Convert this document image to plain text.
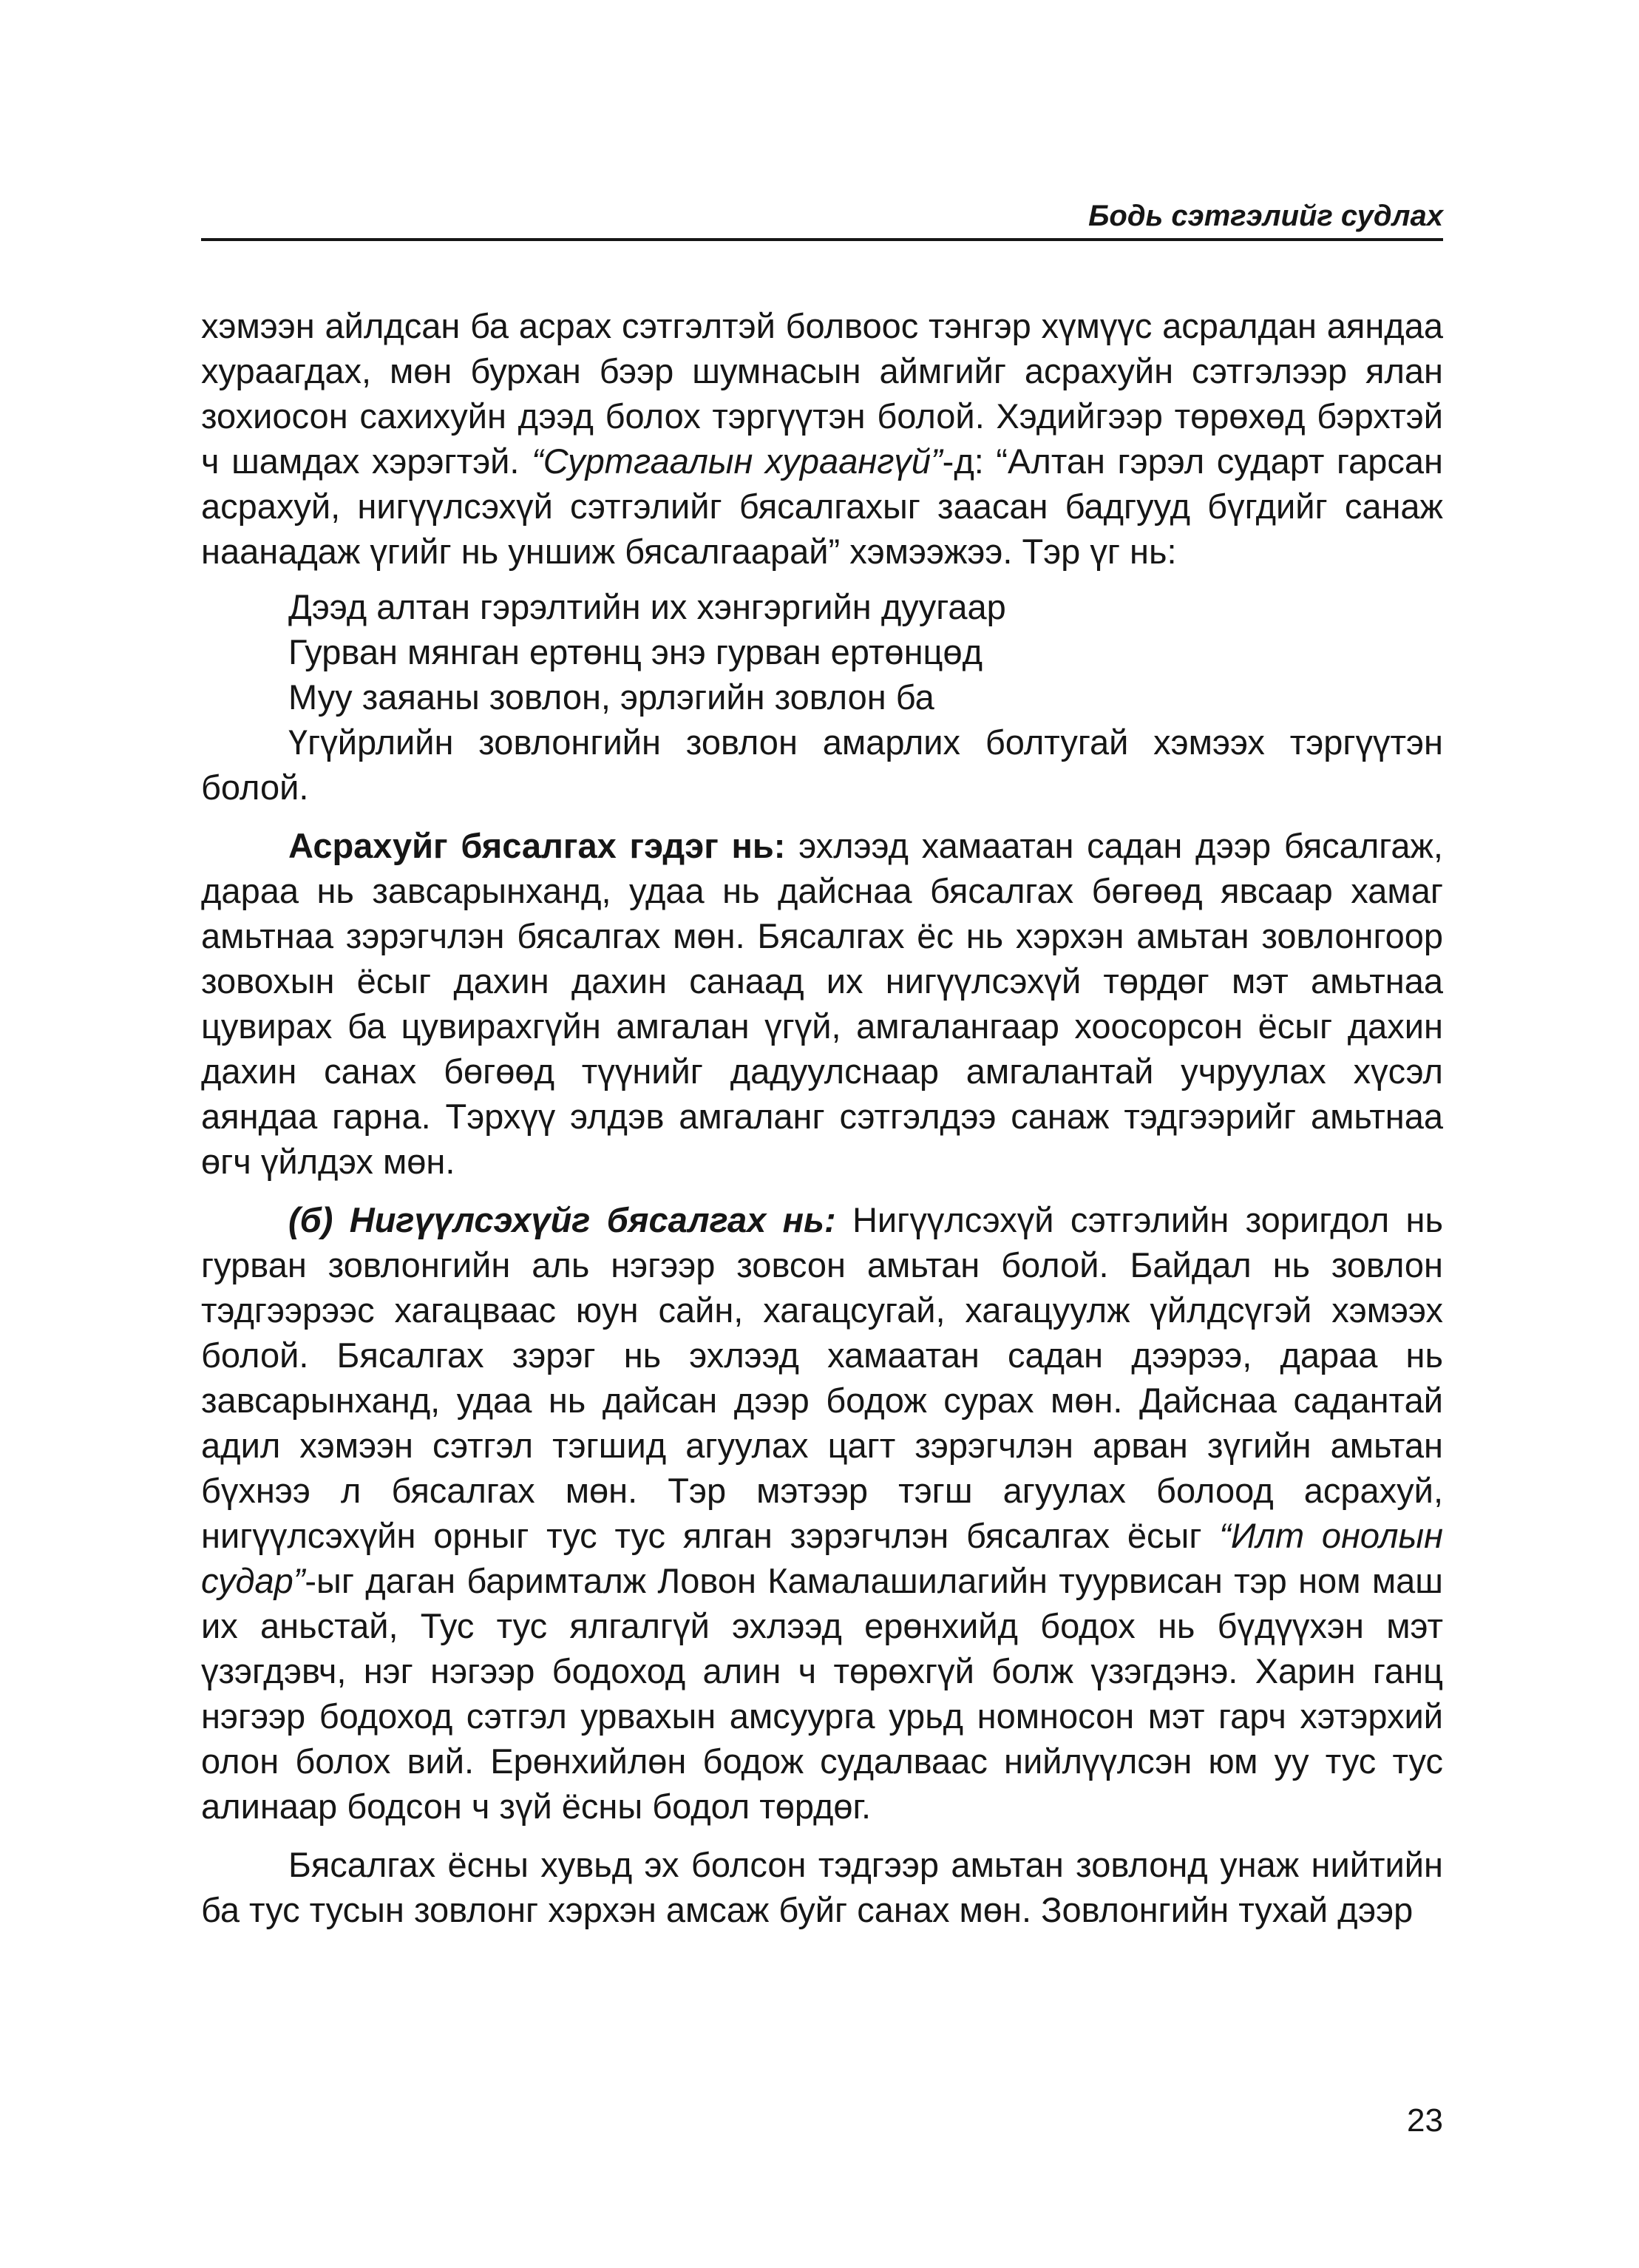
Бодь сэтгэлийг судлах

хэмээн айлдсан ба асрах сэтгэлтэй болвоос тэнгэр хүмүүс асралдан аяндаа хураагдах, мөн бурхан бээр шумнасын аймгийг асрахуйн сэтгэлээр ялан зохиосон сахихуйн дээд болох тэргүүтэн болой. Хэдийгээр төрөхөд бэрхтэй ч шамдах хэрэгтэй. “Суртгаалын хураангүй”-д: “Алтан гэрэл сударт гарсан асрахуй, нигүүлсэхүй сэтгэлийг бясалгахыг заасан бадгууд бүгдийг санаж наанадаж үгийг нь уншиж бясалгаарай” хэмээжээ. Тэр үг нь:

Дээд алтан гэрэлтийн их хэнгэргийн дуугаар
Гурван мянган ертөнц энэ гурван ертөнцөд
Муу заяаны зовлон, эрлэгийн зовлон ба

Үгүйрлийн зовлонгийн зовлон амарлих болтугай хэмээх тэргүүтэн болой.

Асрахуйг бясалгах гэдэг нь: эхлээд хамаатан садан дээр бясалгаж, дараа нь завсарынханд, удаа нь дайснаа бясалгах бөгөөд явсаар хамаг амьтнаа зэрэгчлэн бясалгах мөн. Бясалгах ёс нь хэрхэн амьтан зовлонгоор зовохын ёсыг дахин дахин санаад их нигүүлсэхүй төрдөг мэт амьтнаа цувирах ба цувирахгүйн амгалан үгүй, амгалангаар хоосорсон ёсыг дахин дахин санах бөгөөд түүнийг дадуулснаар амгалантай учруулах хүсэл аяндаа гарна. Тэрхүү элдэв амгаланг сэтгэлдээ санаж тэдгээрийг амьтнаа өгч үйлдэх мөн.

(б) Нигүүлсэхүйг бясалгах нь: Нигүүлсэхүй сэтгэлийн зоригдол нь гурван зовлонгийн аль нэгээр зовсон амьтан болой. Байдал нь зовлон тэдгээрээс хагацваас юун сайн, хагацсугай, хагацуулж үйлдсүгэй хэмээх болой. Бясалгах зэрэг нь эхлээд хамаатан садан дээрээ, дараа нь завсарынханд, удаа нь дайсан дээр бодож сурах мөн. Дайснаа садантай адил хэмээн сэтгэл тэгшид агуулах цагт зэрэгчлэн арван зүгийн амьтан бүхнээ л бясалгах мөн. Тэр мэтээр тэгш агуулах болоод асрахуй, нигүүлсэхүйн орныг тус тус ялган зэрэгчлэн бясалгах ёсыг “Илт онолын судар”-ыг даган баримталж Ловон Камалашилагийн туурвисан тэр ном маш их аньстай, Тус тус ялгалгүй эхлээд ерөнхийд бодох нь бүдүүхэн мэт үзэгдэвч, нэг нэгээр бодоход алин ч төрөхгүй болж үзэгдэнэ. Харин ганц нэгээр бодоход сэтгэл урвахын амсуурга урьд номносон мэт гарч хэтэрхий олон болох вий. Ерөнхийлөн бодож судалваас нийлүүлсэн юм уу тус тус алинаар бодсон ч зүй ёсны бодол төрдөг.

Бясалгах ёсны хувьд эх болсон тэдгээр амьтан зовлонд унаж нийтийн ба тус тусын зовлонг хэрхэн амсаж буйг санах мөн. Зовлонгийн тухай дээр

23
